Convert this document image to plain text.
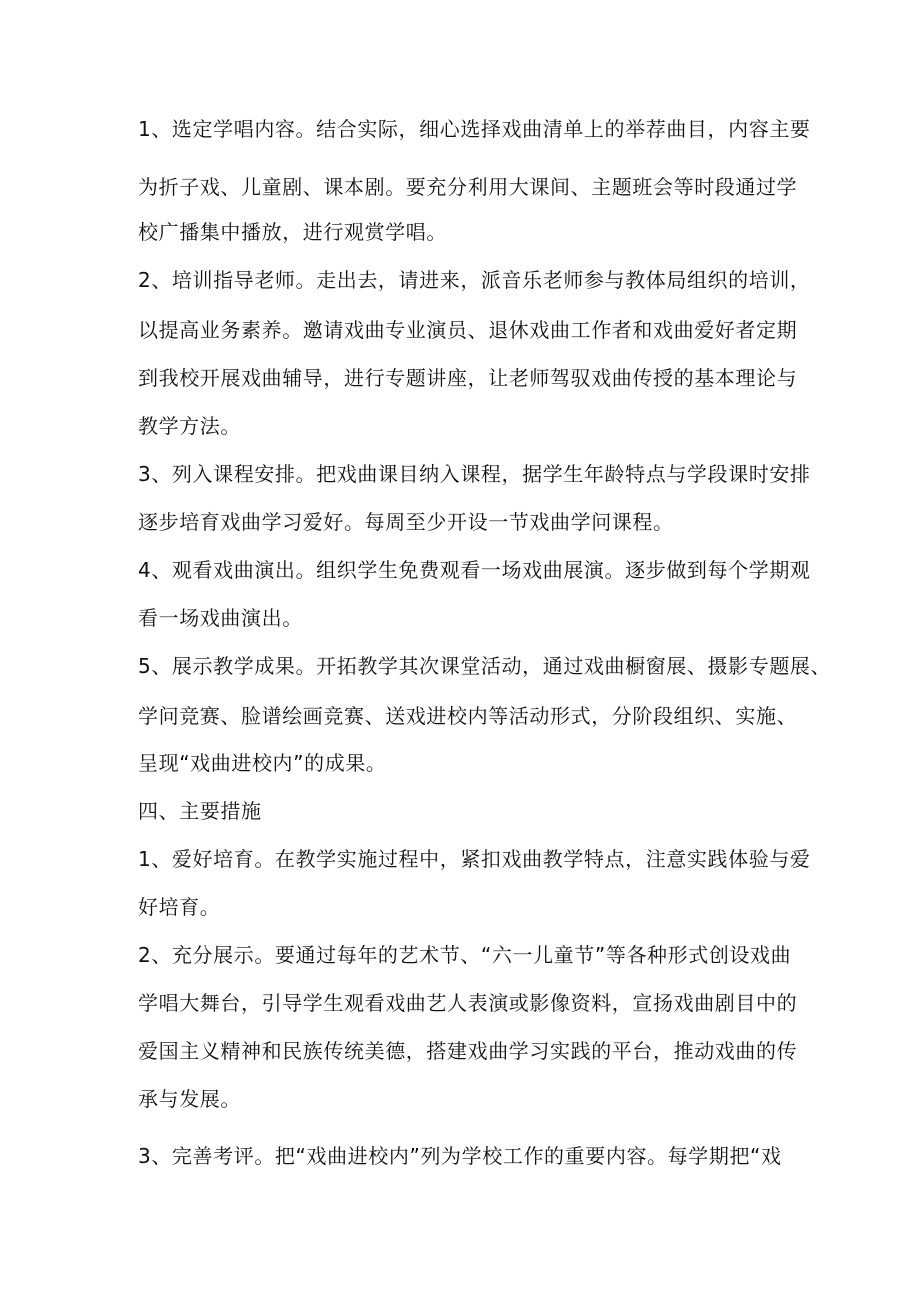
1、选定学唱内容。结合实际，细心选择戏曲清单上的举荐曲目，内容主要
为折子戏、儿童剧、课本剧。要充分利用大课间、主题班会等时段通过学
校广播集中播放，进行观赏学唱。
2、培训指导老师。走出去，请进来，派音乐老师参与教体局组织的培训，
以提高业务素养。邀请戏曲专业演员、退休戏曲工作者和戏曲爱好者定期
到我校开展戏曲辅导，进行专题讲座，让老师驾驭戏曲传授的基本理论与
教学方法。
3、列入课程安排。把戏曲课目纳入课程，据学生年龄特点与学段课时安排
逐步培育戏曲学习爱好。每周至少开设一节戏曲学问课程。
4、观看戏曲演出。组织学生免费观看一场戏曲展演。逐步做到每个学期观
看一场戏曲演出。
5、展示教学成果。开拓教学其次课堂活动，通过戏曲橱窗展、摄影专题展、
学问竞赛、脸谱绘画竞赛、送戏进校内等活动形式，分阶段组织、实施、
呈现“戏曲进校内”的成果。
四、主要措施
1、爱好培育。在教学实施过程中，紧扣戏曲教学特点，注意实践体验与爱
好培育。
2、充分展示。要通过每年的艺术节、“六一儿童节”等各种形式创设戏曲
学唱大舞台，引导学生观看戏曲艺人表演或影像资料，宣扬戏曲剧目中的
爱国主义精神和民族传统美德，搭建戏曲学习实践的平台，推动戏曲的传
承与发展。
3、完善考评。把“戏曲进校内”列为学校工作的重要内容。每学期把“戏
